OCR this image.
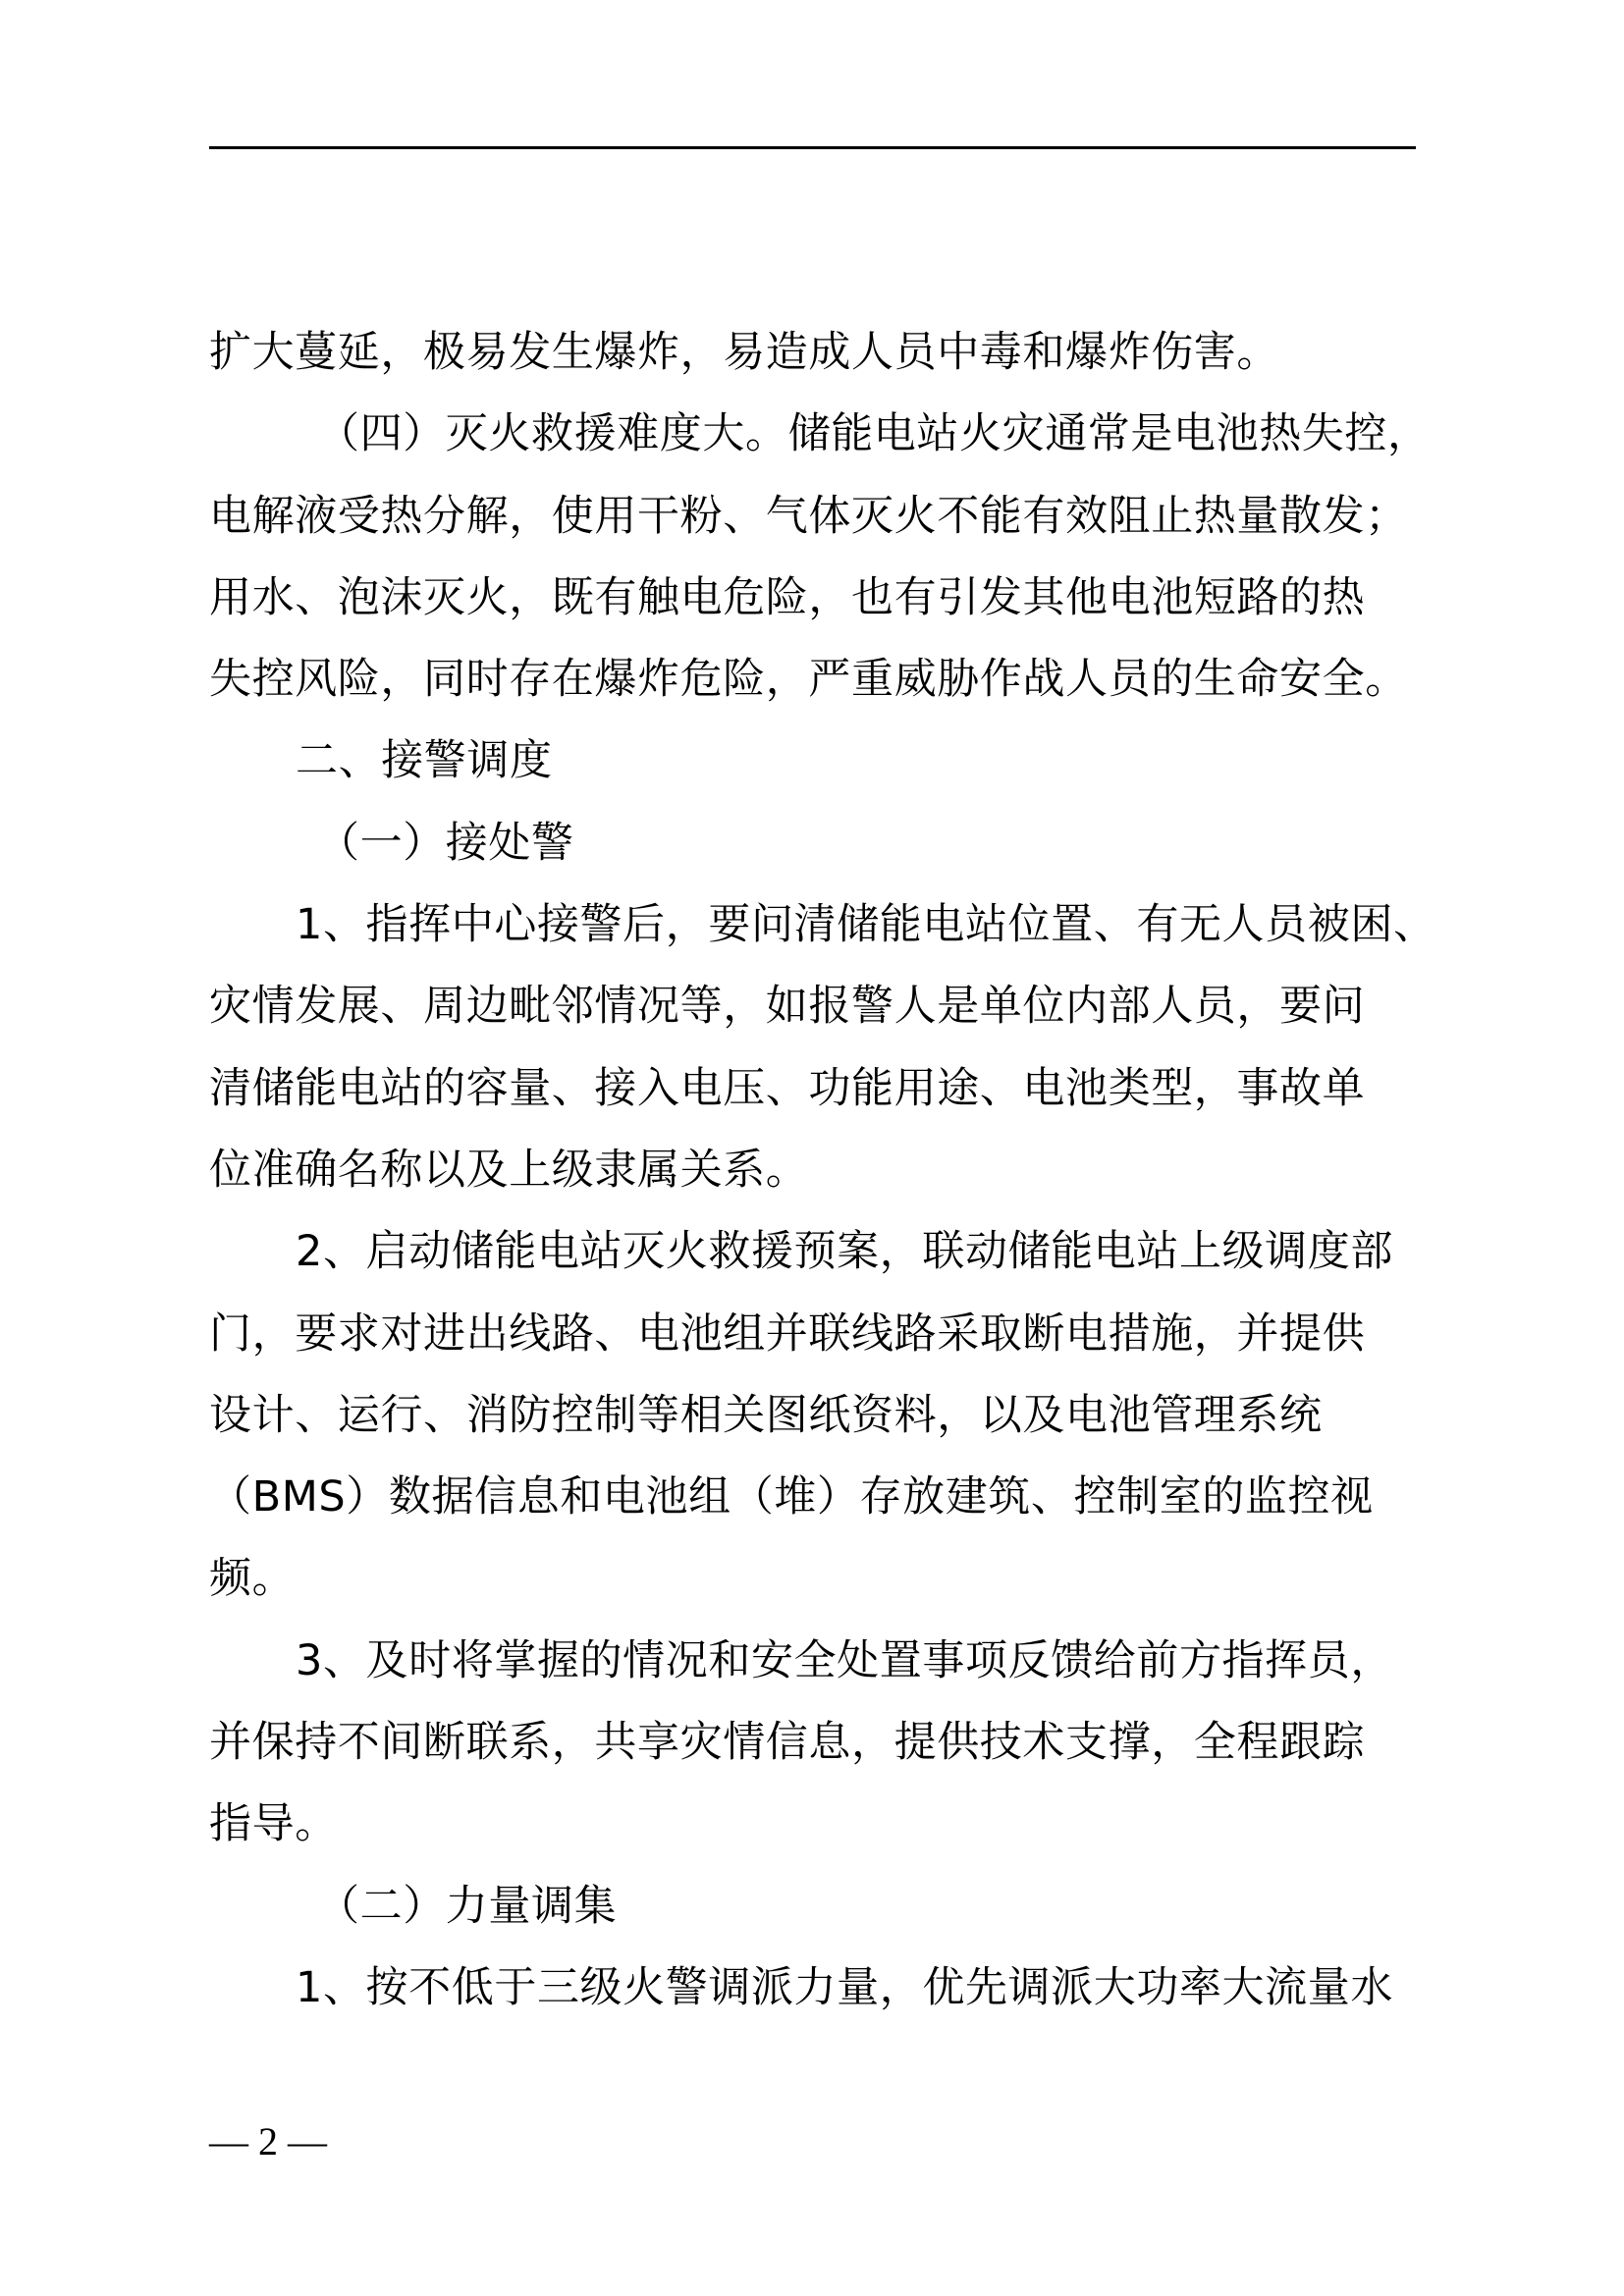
扩大蔓延，极易发生爆炸，易造成人员中毒和爆炸伤害。
（四）灭火救援难度大。储能电站火灾通常是电池热失控，
电解液受热分解，使用干粉、气体灭火不能有效阻止热量散发；
用水、泡沫灭火，既有触电危险，也有引发其他电池短路的热
失控风险，同时存在爆炸危险，严重威胁作战人员的生命安全。
二、接警调度
（一）接处警
1、指挥中心接警后，要问清储能电站位置、有无人员被困、
灾情发展、周边毗邻情况等，如报警人是单位内部人员，要问
清储能电站的容量、接入电压、功能用途、电池类型，事故单
位准确名称以及上级隶属关系。
2、启动储能电站灭火救援预案，联动储能电站上级调度部
门，要求对进出线路、电池组并联线路采取断电措施，并提供
设计、运行、消防控制等相关图纸资料，以及电池管理系统
（BMS）数据信息和电池组（堆）存放建筑、控制室的监控视
频。
3、及时将掌握的情况和安全处置事项反馈给前方指挥员，
并保持不间断联系，共享灾情信息，提供技术支撑，全程跟踪
指导。
（二）力量调集
1、按不低于三级火警调派力量，优先调派大功率大流量水
— 2 —
